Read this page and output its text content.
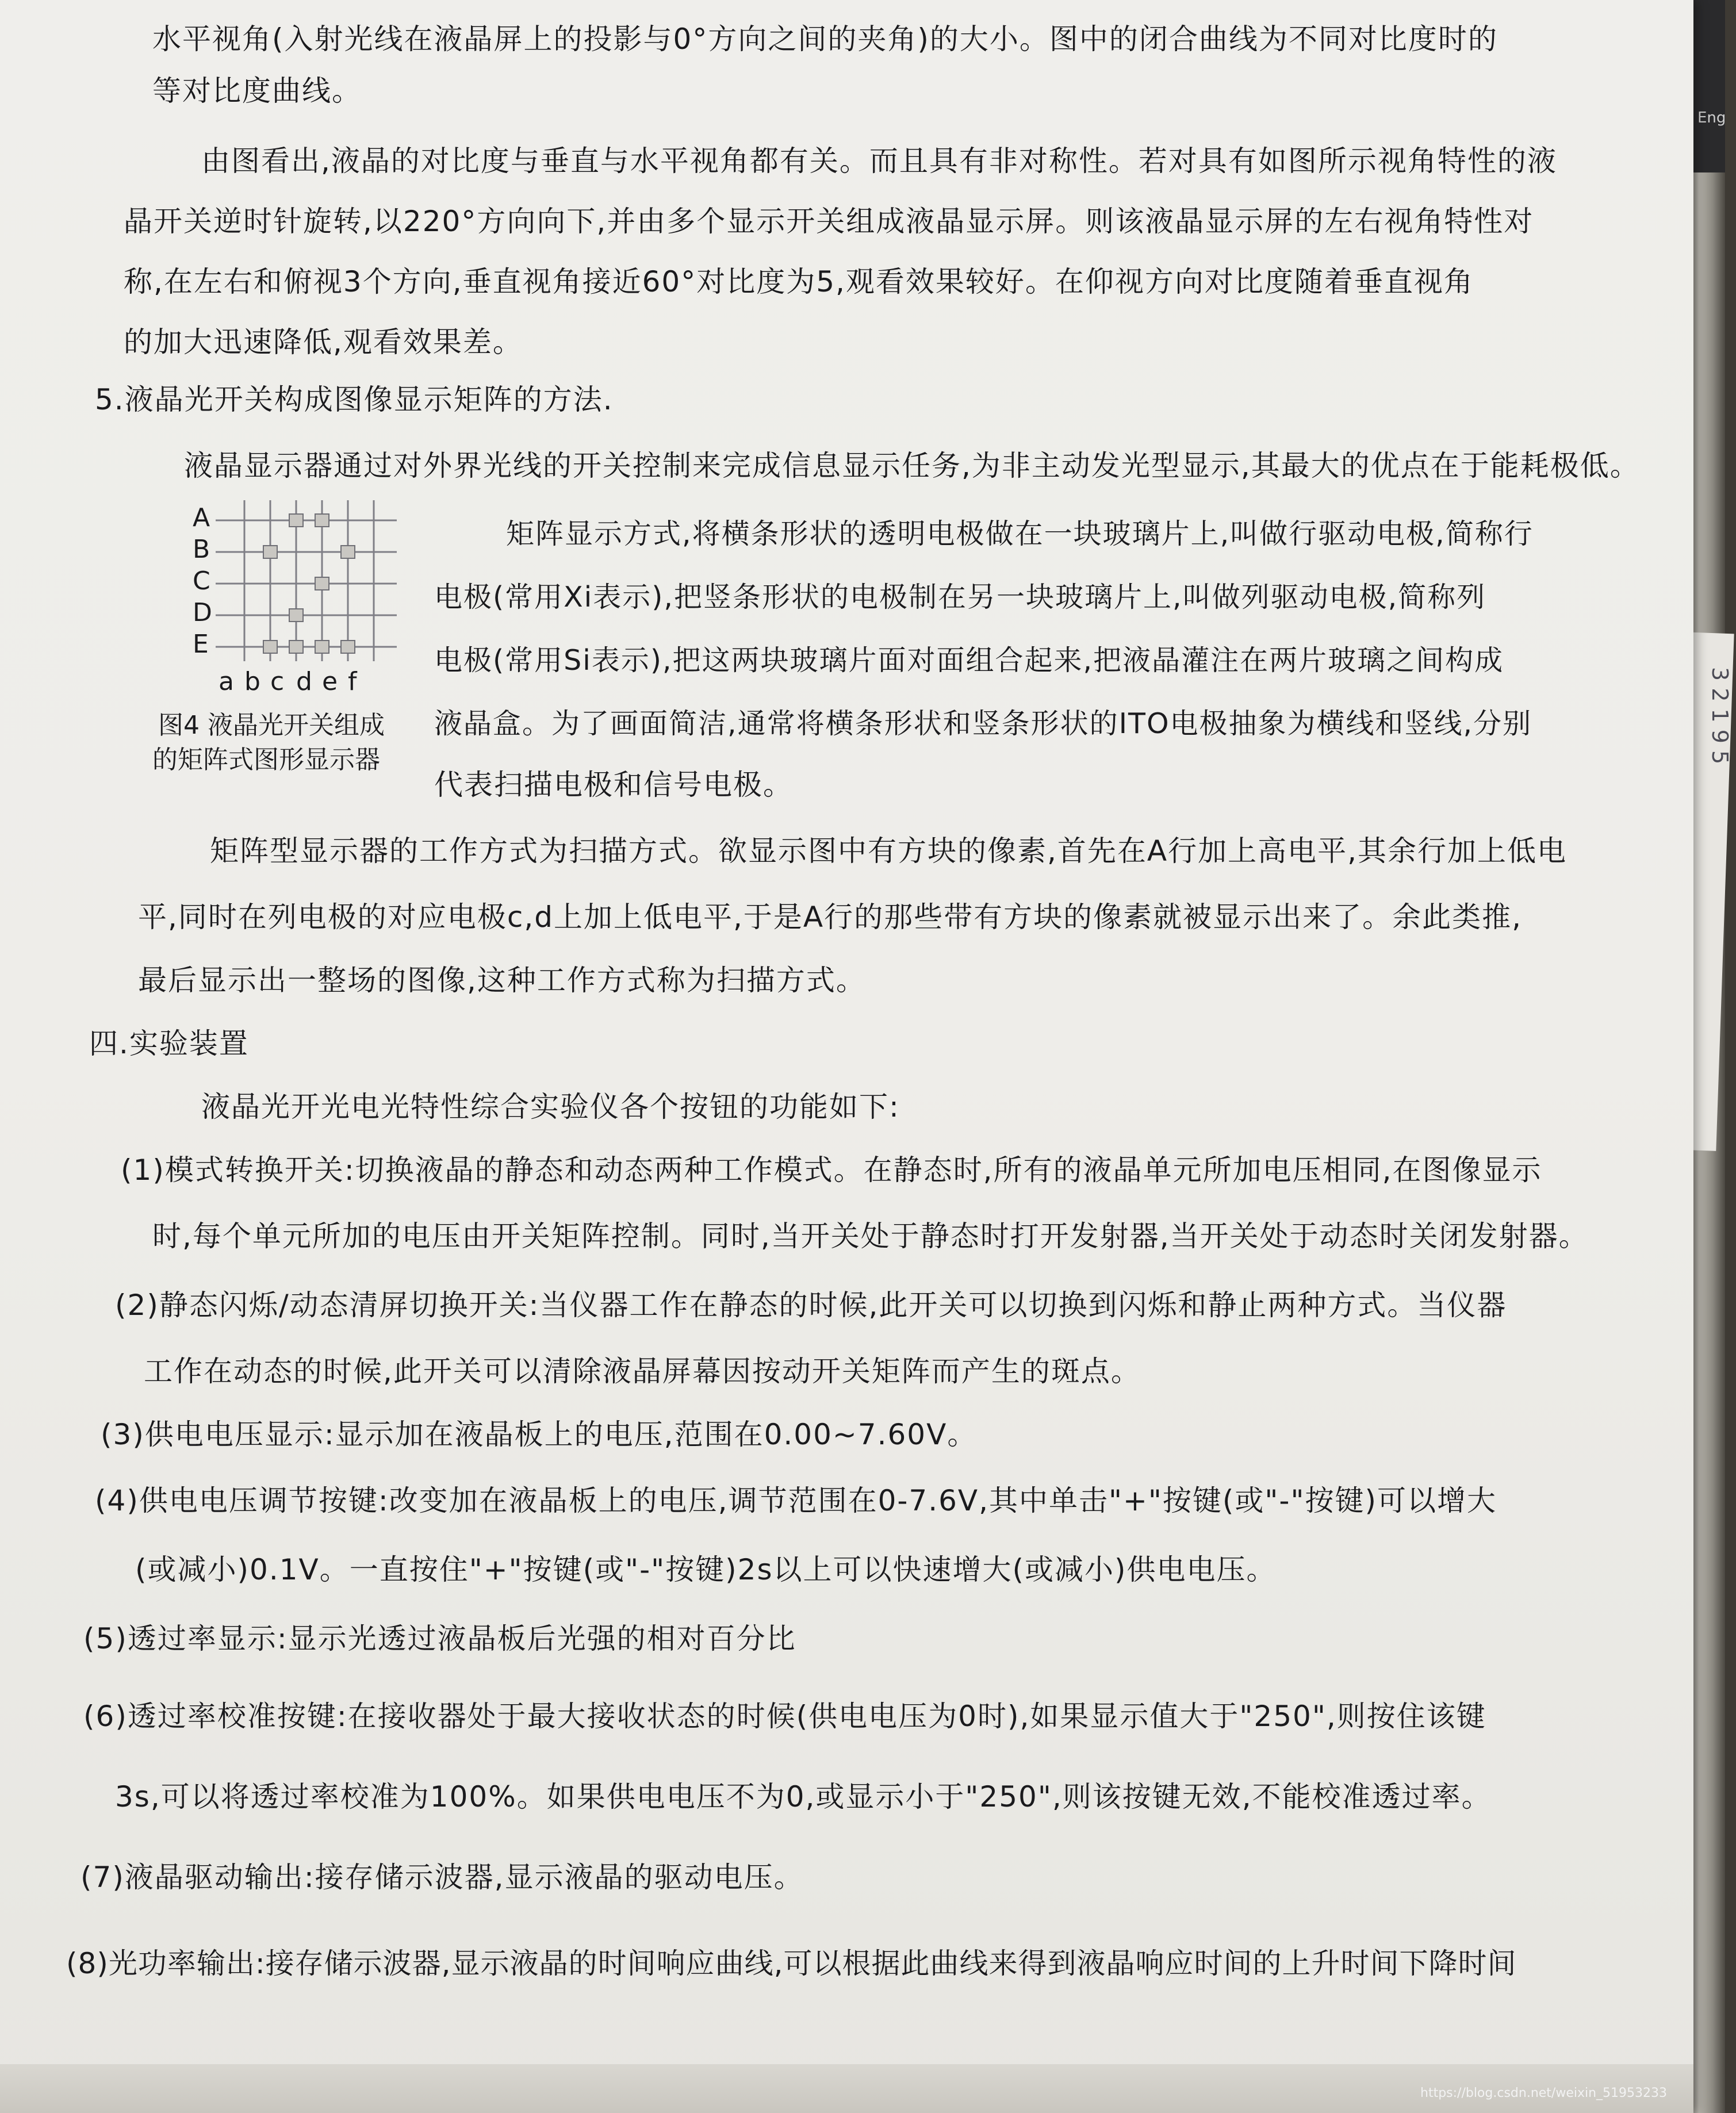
Eng
3 2 1 9 5
水平视角(入射光线在液晶屏上的投影与0°方向之间的夹角)的大小。图中的闭合曲线为不同对比度时的
等对比度曲线。
由图看出,液晶的对比度与垂直与水平视角都有关。而且具有非对称性。若对具有如图所示视角特性的液
晶开关逆时针旋转,以220°方向向下,并由多个显示开关组成液晶显示屏。则该液晶显示屏的左右视角特性对
称,在左右和俯视3个方向,垂直视角接近60°对比度为5,观看效果较好。在仰视方向对比度随着垂直视角
的加大迅速降低,观看效果差。
5.液晶光开关构成图像显示矩阵的方法.
液晶显示器通过对外界光线的开关控制来完成信息显示任务,为非主动发光型显示,其最大的优点在于能耗极低。
矩阵显示方式,将横条形状的透明电极做在一块玻璃片上,叫做行驱动电极,简称行
电极(常用Xi表示),把竖条形状的电极制在另一块玻璃片上,叫做列驱动电极,简称列
电极(常用Si表示),把这两块玻璃片面对面组合起来,把液晶灌注在两片玻璃之间构成
液晶盒。为了画面简洁,通常将横条形状和竖条形状的ITO电极抽象为横线和竖线,分别
代表扫描电极和信号电极。
矩阵型显示器的工作方式为扫描方式。欲显示图中有方块的像素,首先在A行加上高电平,其余行加上低电
平,同时在列电极的对应电极c,d上加上低电平,于是A行的那些带有方块的像素就被显示出来了。余此类推,
最后显示出一整场的图像,这种工作方式称为扫描方式。
四.实验装置
液晶光开光电光特性综合实验仪各个按钮的功能如下:
(1)模式转换开关:切换液晶的静态和动态两种工作模式。在静态时,所有的液晶单元所加电压相同,在图像显示
时,每个单元所加的电压由开关矩阵控制。同时,当开关处于静态时打开发射器,当开关处于动态时关闭发射器。
(2)静态闪烁/动态清屏切换开关:当仪器工作在静态的时候,此开关可以切换到闪烁和静止两种方式。当仪器
工作在动态的时候,此开关可以清除液晶屏幕因按动开关矩阵而产生的斑点。
(3)供电电压显示:显示加在液晶板上的电压,范围在0.00~7.60V。
(4)供电电压调节按键:改变加在液晶板上的电压,调节范围在0-7.6V,其中单击"+"按键(或"-"按键)可以增大
(或减小)0.1V。一直按住"+"按键(或"-"按键)2s以上可以快速增大(或减小)供电电压。
(5)透过率显示:显示光透过液晶板后光强的相对百分比
(6)透过率校准按键:在接收器处于最大接收状态的时候(供电电压为0时),如果显示值大于"250",则按住该键
3s,可以将透过率校准为100%。如果供电电压不为0,或显示小于"250",则该按键无效,不能校准透过率。
(7)液晶驱动输出:接存储示波器,显示液晶的驱动电压。
(8)光功率输出:接存储示波器,显示液晶的时间响应曲线,可以根据此曲线来得到液晶响应时间的上升时间下降时间
A
B
C
D
E
a b c d e f
图4 液晶光开关组成
的矩阵式图形显示器
https://blog.csdn.net/weixin_51953233
